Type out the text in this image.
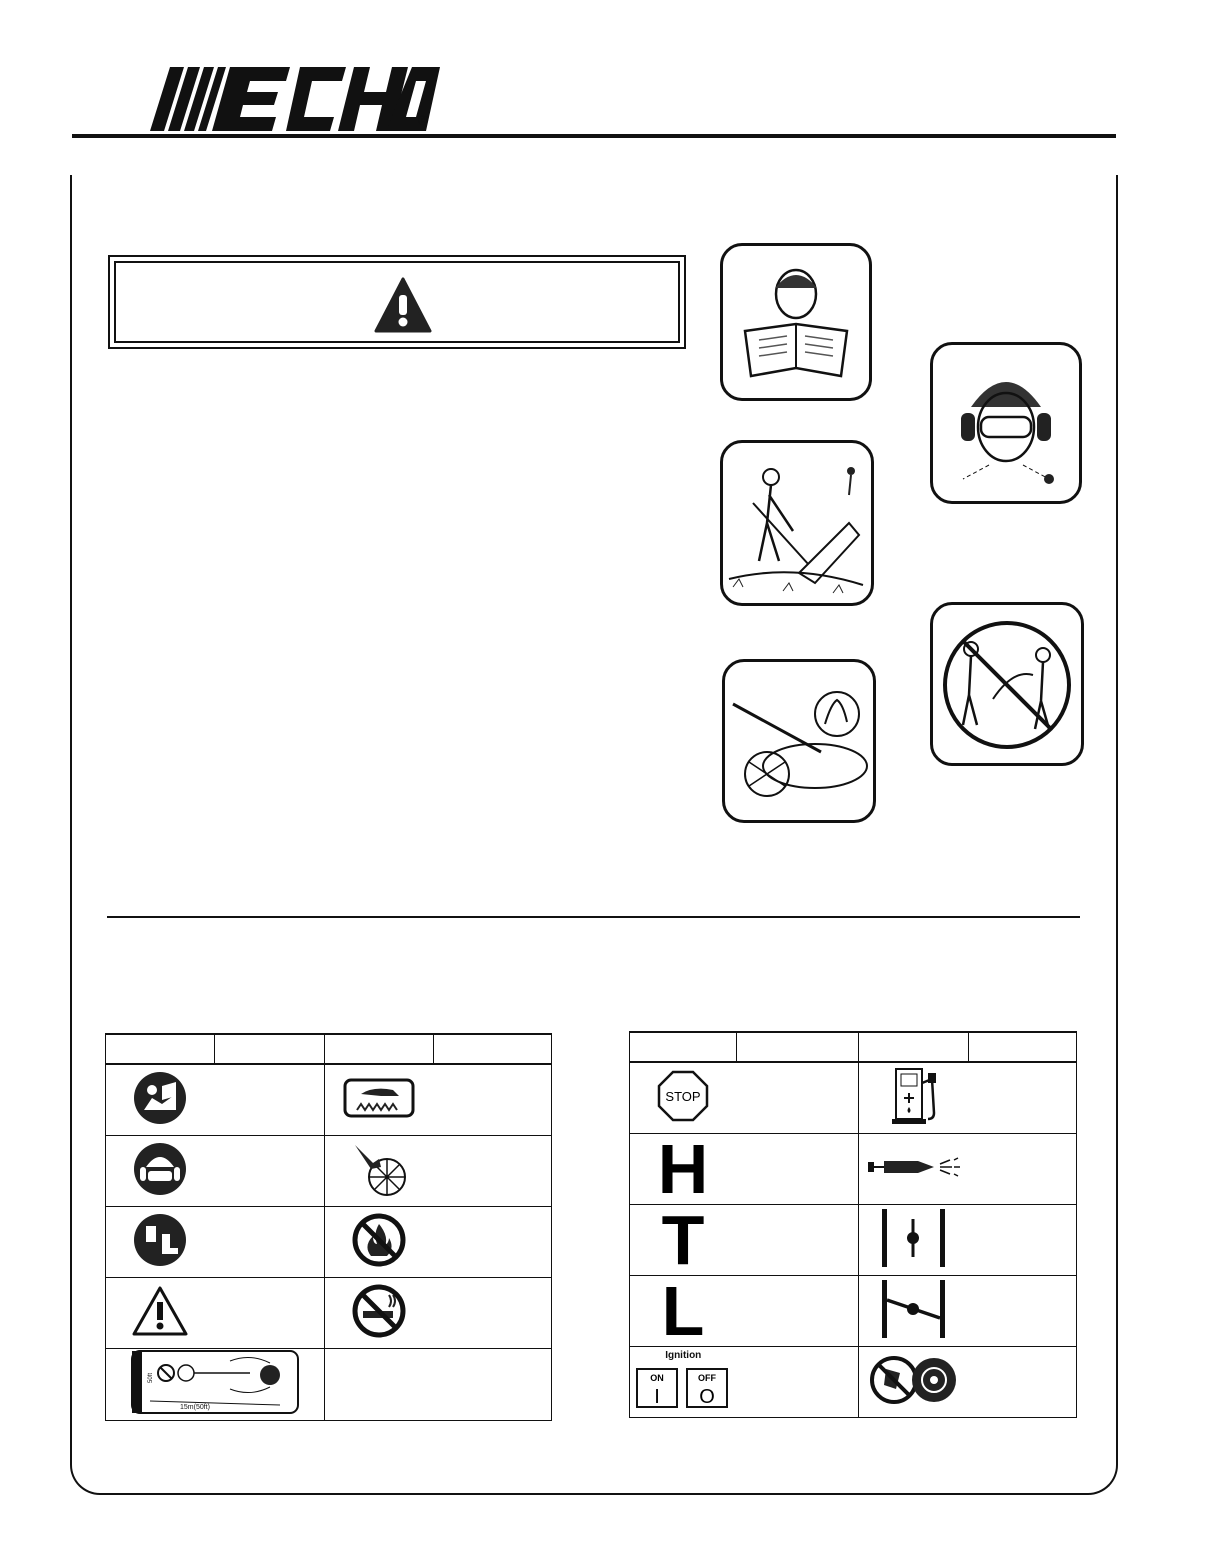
®

50ft
15m(50ft)			

STOP

H

T

L

Ignition
ON
I
OFF
O
